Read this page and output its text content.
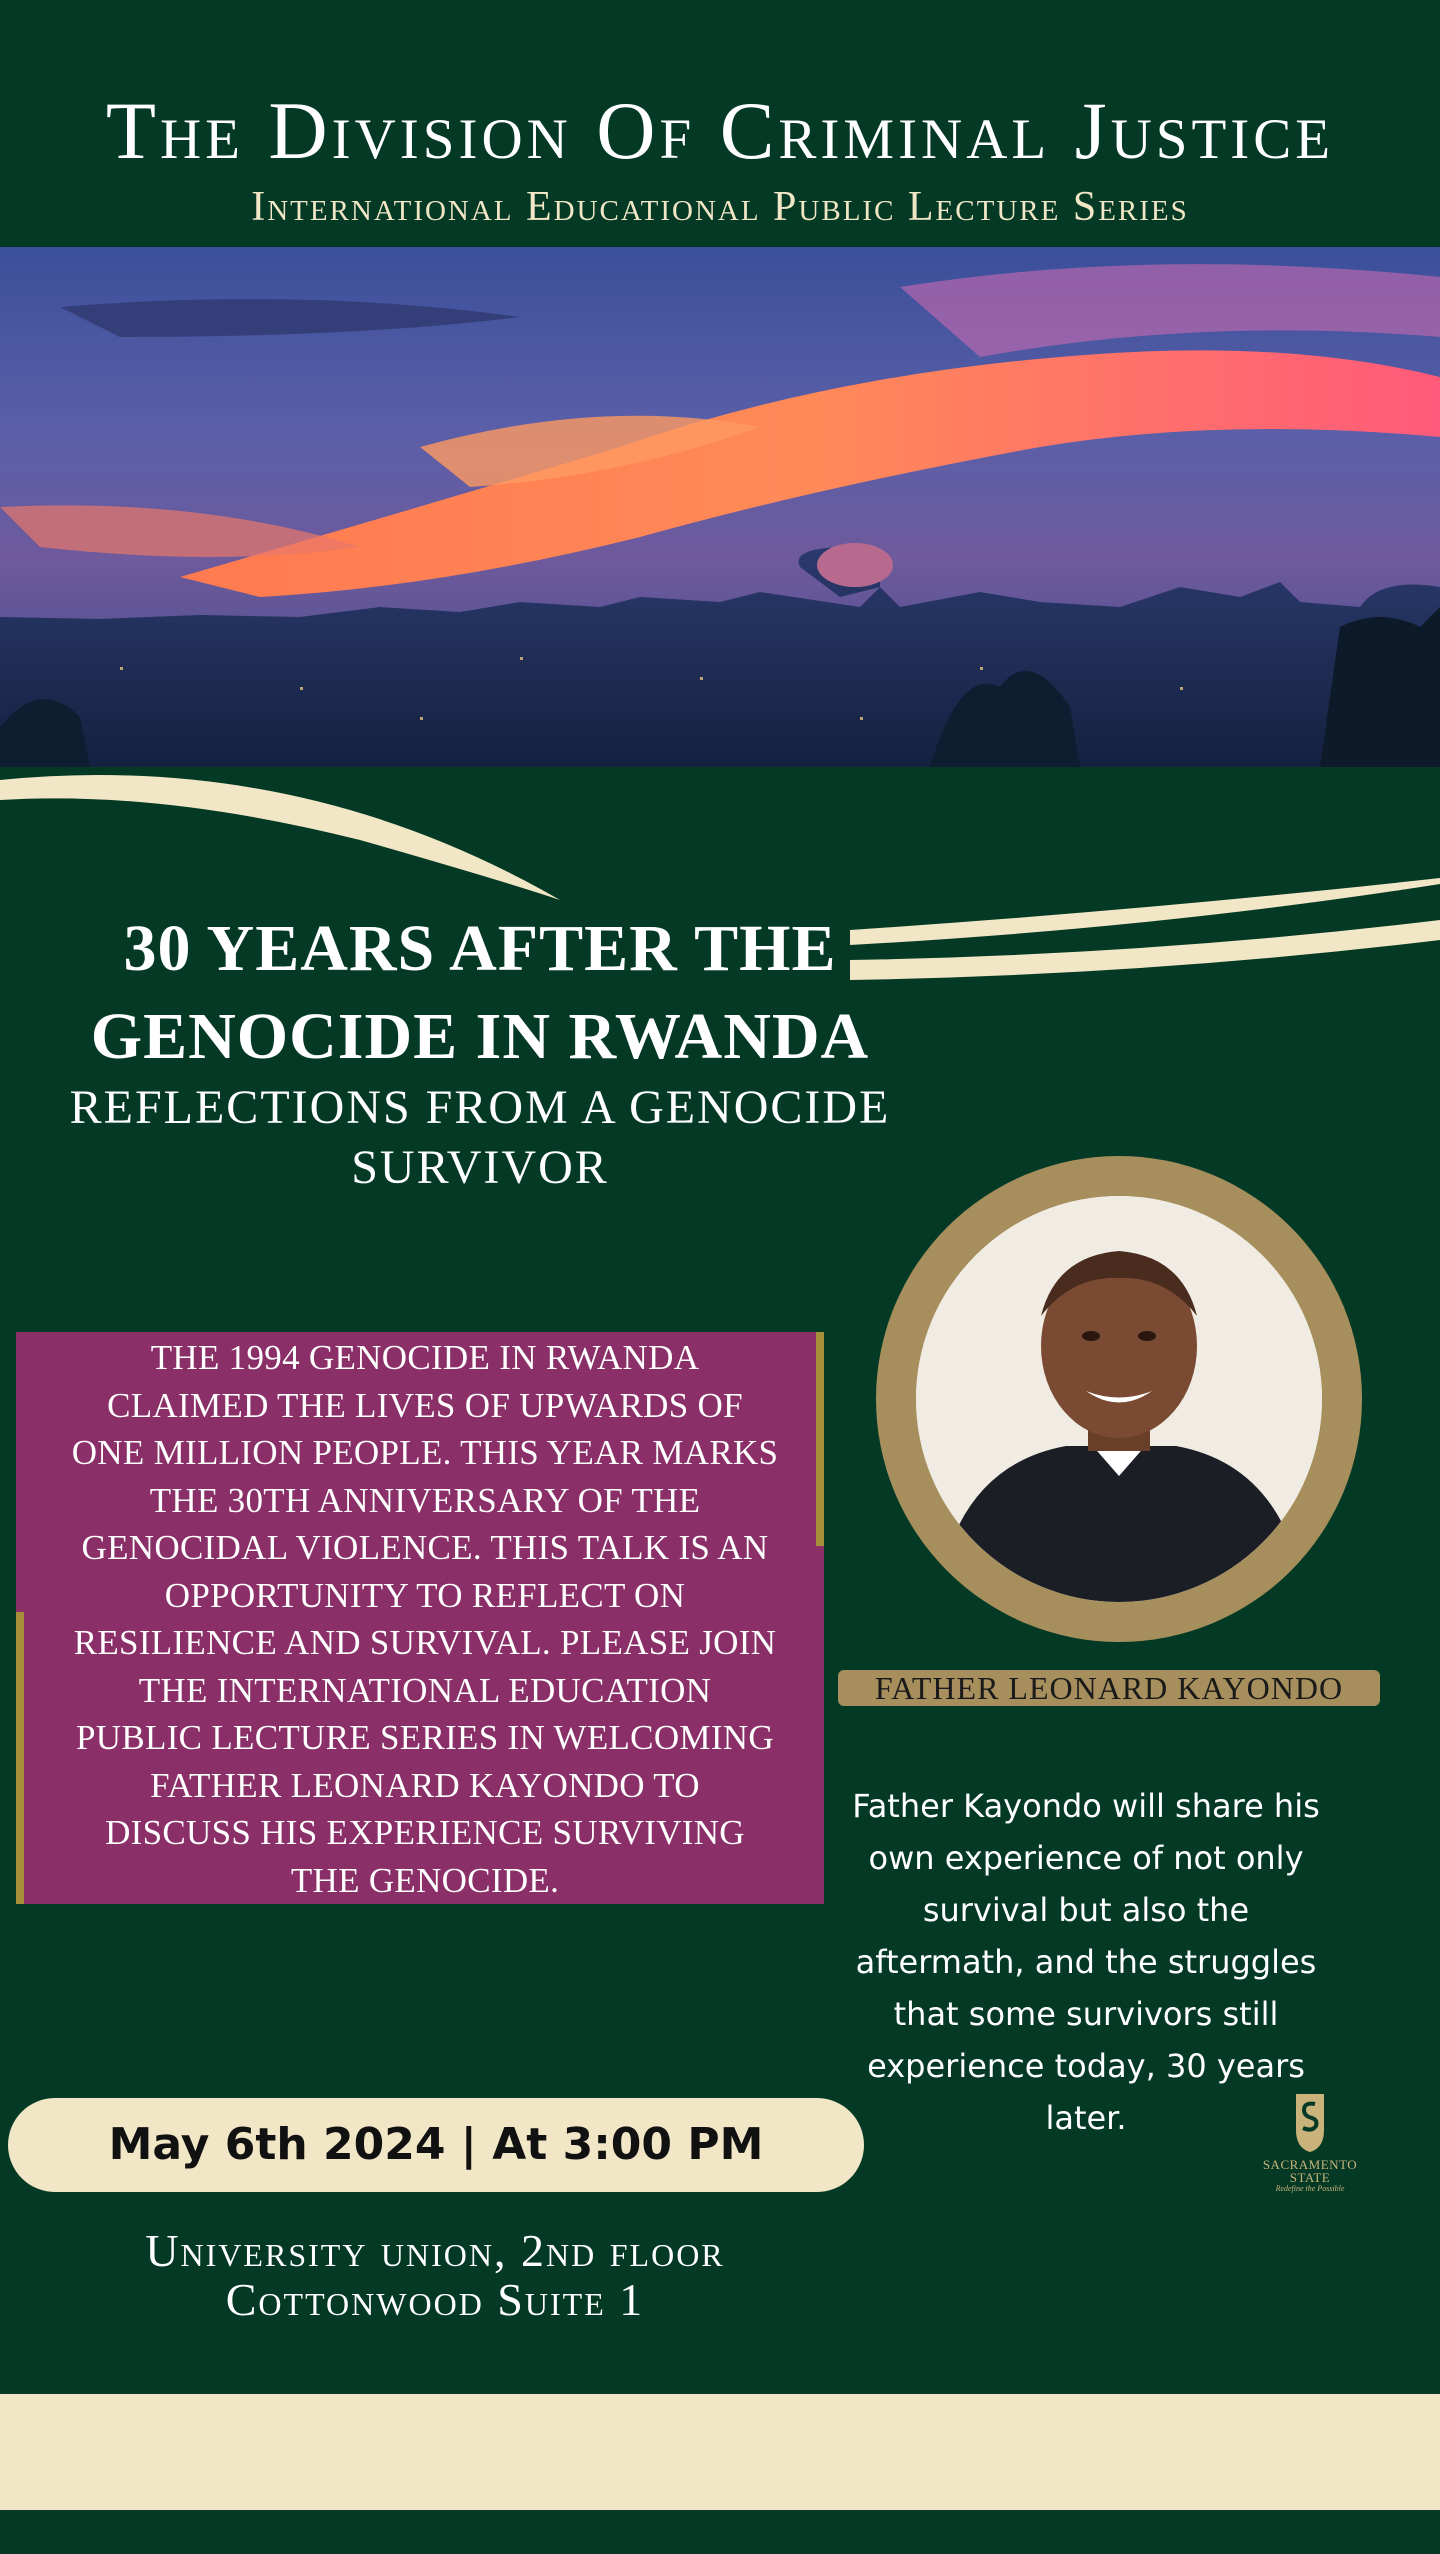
The Division Of Criminal Justice
International Educational Public Lecture Series
30 YEARS AFTER THE
GENOCIDE IN RWANDA
REFLECTIONS FROM A GENOCIDE
SURVIVOR
THE 1994 GENOCIDE IN RWANDA
CLAIMED THE LIVES OF UPWARDS OF
ONE MILLION PEOPLE. THIS YEAR MARKS
THE 30TH ANNIVERSARY OF THE
GENOCIDAL VIOLENCE. THIS TALK IS AN
OPPORTUNITY TO REFLECT ON
RESILIENCE AND SURVIVAL. PLEASE JOIN
THE INTERNATIONAL EDUCATION
PUBLIC LECTURE SERIES IN WELCOMING
FATHER LEONARD KAYONDO TO
DISCUSS HIS EXPERIENCE SURVIVING
THE GENOCIDE.
FATHER LEONARD KAYONDO
Father Kayondo will share his
own experience of not only
survival but also the
aftermath, and the struggles
that some survivors still
experience today, 30 years
later.
May 6th 2024 | At 3:00 PM
University union, 2nd floor
Cottonwood Suite 1
SACRAMENTO
STATE
Redefine the Possible
